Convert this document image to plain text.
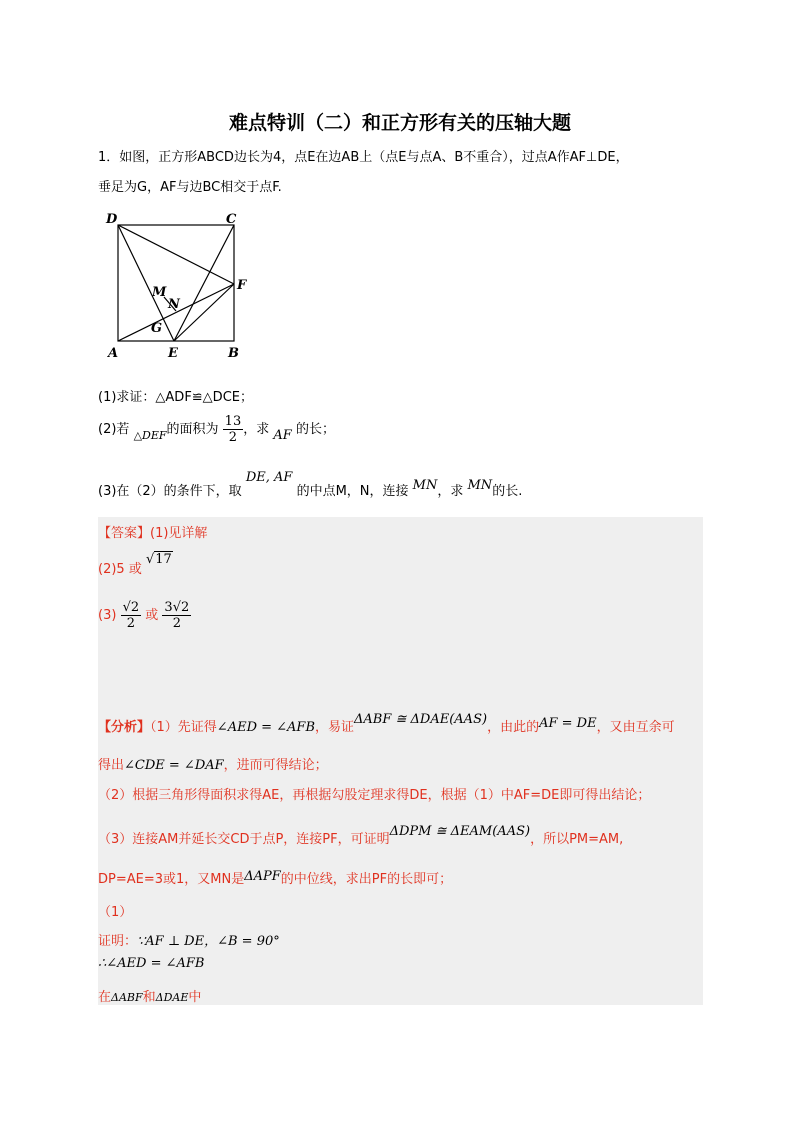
难点特训（二）和正方形有关的压轴大题
1．如图，正方形ABCD边长为4，点E在边AB上（点E与点A、B不重合），过点A作AF⊥DE，
垂足为G，AF与边BC相交于点F.
D	C
F
M
N
G
A	E	B
(1)求证：△ADF≌△DCE；
(2)若 $_{\triangle DEF}$的面积为 $\frac{13}{2}$ ，求 AF 的长；
(3)在（2）的条件下，取 DE, AF 的中点M，N，连接 MN，求 MN的长.
【答案】(1)见详解
(2)5 或 √17
$(3) \frac{√2}{2}$ 或 $\frac{3√2}{2}$
【分析】（1）先证得∠AED = ∠AFB，易证ΔABF ≅ ΔDAE(AAS)，由此的AF = DE，又由互余可
得出∠CDE = ∠DAF，进而可得结论；
（2）根据三角形得面积求得AE，再根据勾股定理求得DE，根据（1）中AF=DE即可得出结论；
（3）连接AM并延长交CD于点P，连接PF，可证明ΔDPM ≅ ΔEAM(AAS)，所以PM=AM,
DP=AE=3或1，又MN是ΔAPF的中位线，求出PF的长即可；
（1）
证明：∵AF ⊥ DE，∠B = 90°
∴∠AED = ∠AFB
在ΔABF和ΔDAE中
